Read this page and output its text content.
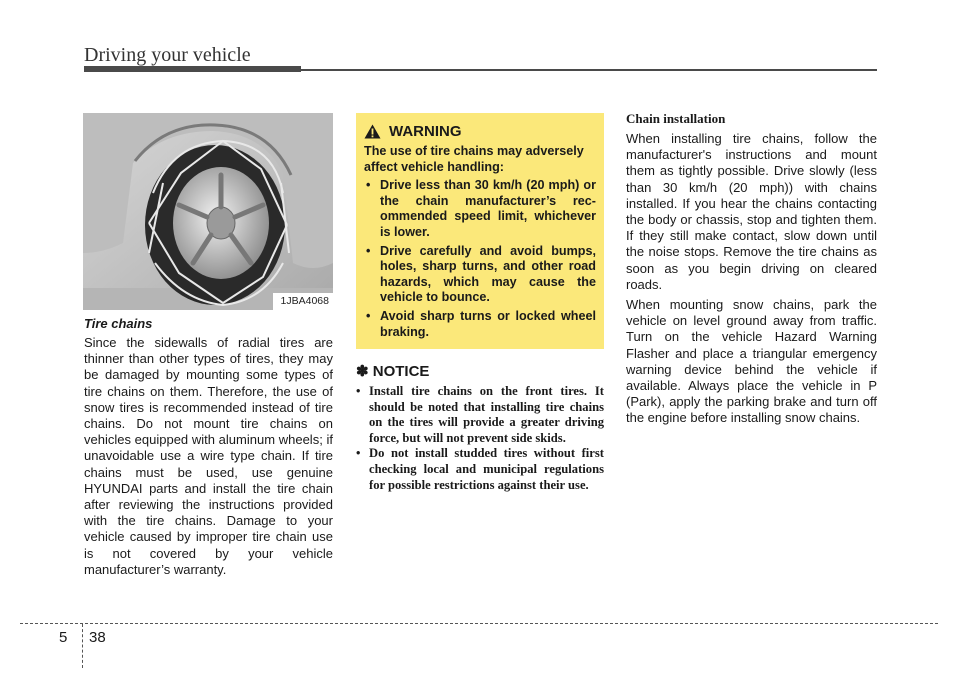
Driving your vehicle
1JBA4068

Tire chains

Since the sidewalls of radial tires are thinner than other types of tires, they may be damaged by mounting some types of tire chains on them. Therefore, the use of snow tires is recommended instead of tire chains. Do not mount tire chains on vehicles equipped with aluminum wheels; if unavoidable use a wire type chain. If tire chains must be used, use genuine HYUNDAI parts and install the tire chain after reviewing the instructions provided with the tire chains. Damage to your vehicle caused by improper tire chain use is not covered by your vehicle manufacturer’s warranty.

WARNING

The use of tire chains may adversely affect vehicle handling:

• Drive less than 30 km/h (20 mph) or the chain manufacturer’s recommended speed limit, whichever is lower.
• Drive carefully and avoid bumps, holes, sharp turns, and other road hazards, which may cause the vehicle to bounce.
• Avoid sharp turns or locked wheel braking.

✽ NOTICE

• Install tire chains on the front tires. It should be noted that installing tire chains on the tires will provide a greater driving force, but will not prevent side skids.
• Do not install studded tires without first checking local and municipal regulations for possible restrictions against their use.

Chain installation

When installing tire chains, follow the manufacturer's instructions and mount them as tightly possible. Drive slowly (less than 30 km/h (20 mph)) with chains installed. If you hear the chains contacting the body or chassis, stop and tighten them. If they still make contact, slow down until the noise stops. Remove the tire chains as soon as you begin driving on cleared roads.

When mounting snow chains, park the vehicle on level ground away from traffic. Turn on the vehicle Hazard Warning Flasher and place a triangular emergency warning device behind the vehicle if available. Always place the vehicle in P (Park), apply the parking brake and turn off the engine before installing snow chains.

5 38
